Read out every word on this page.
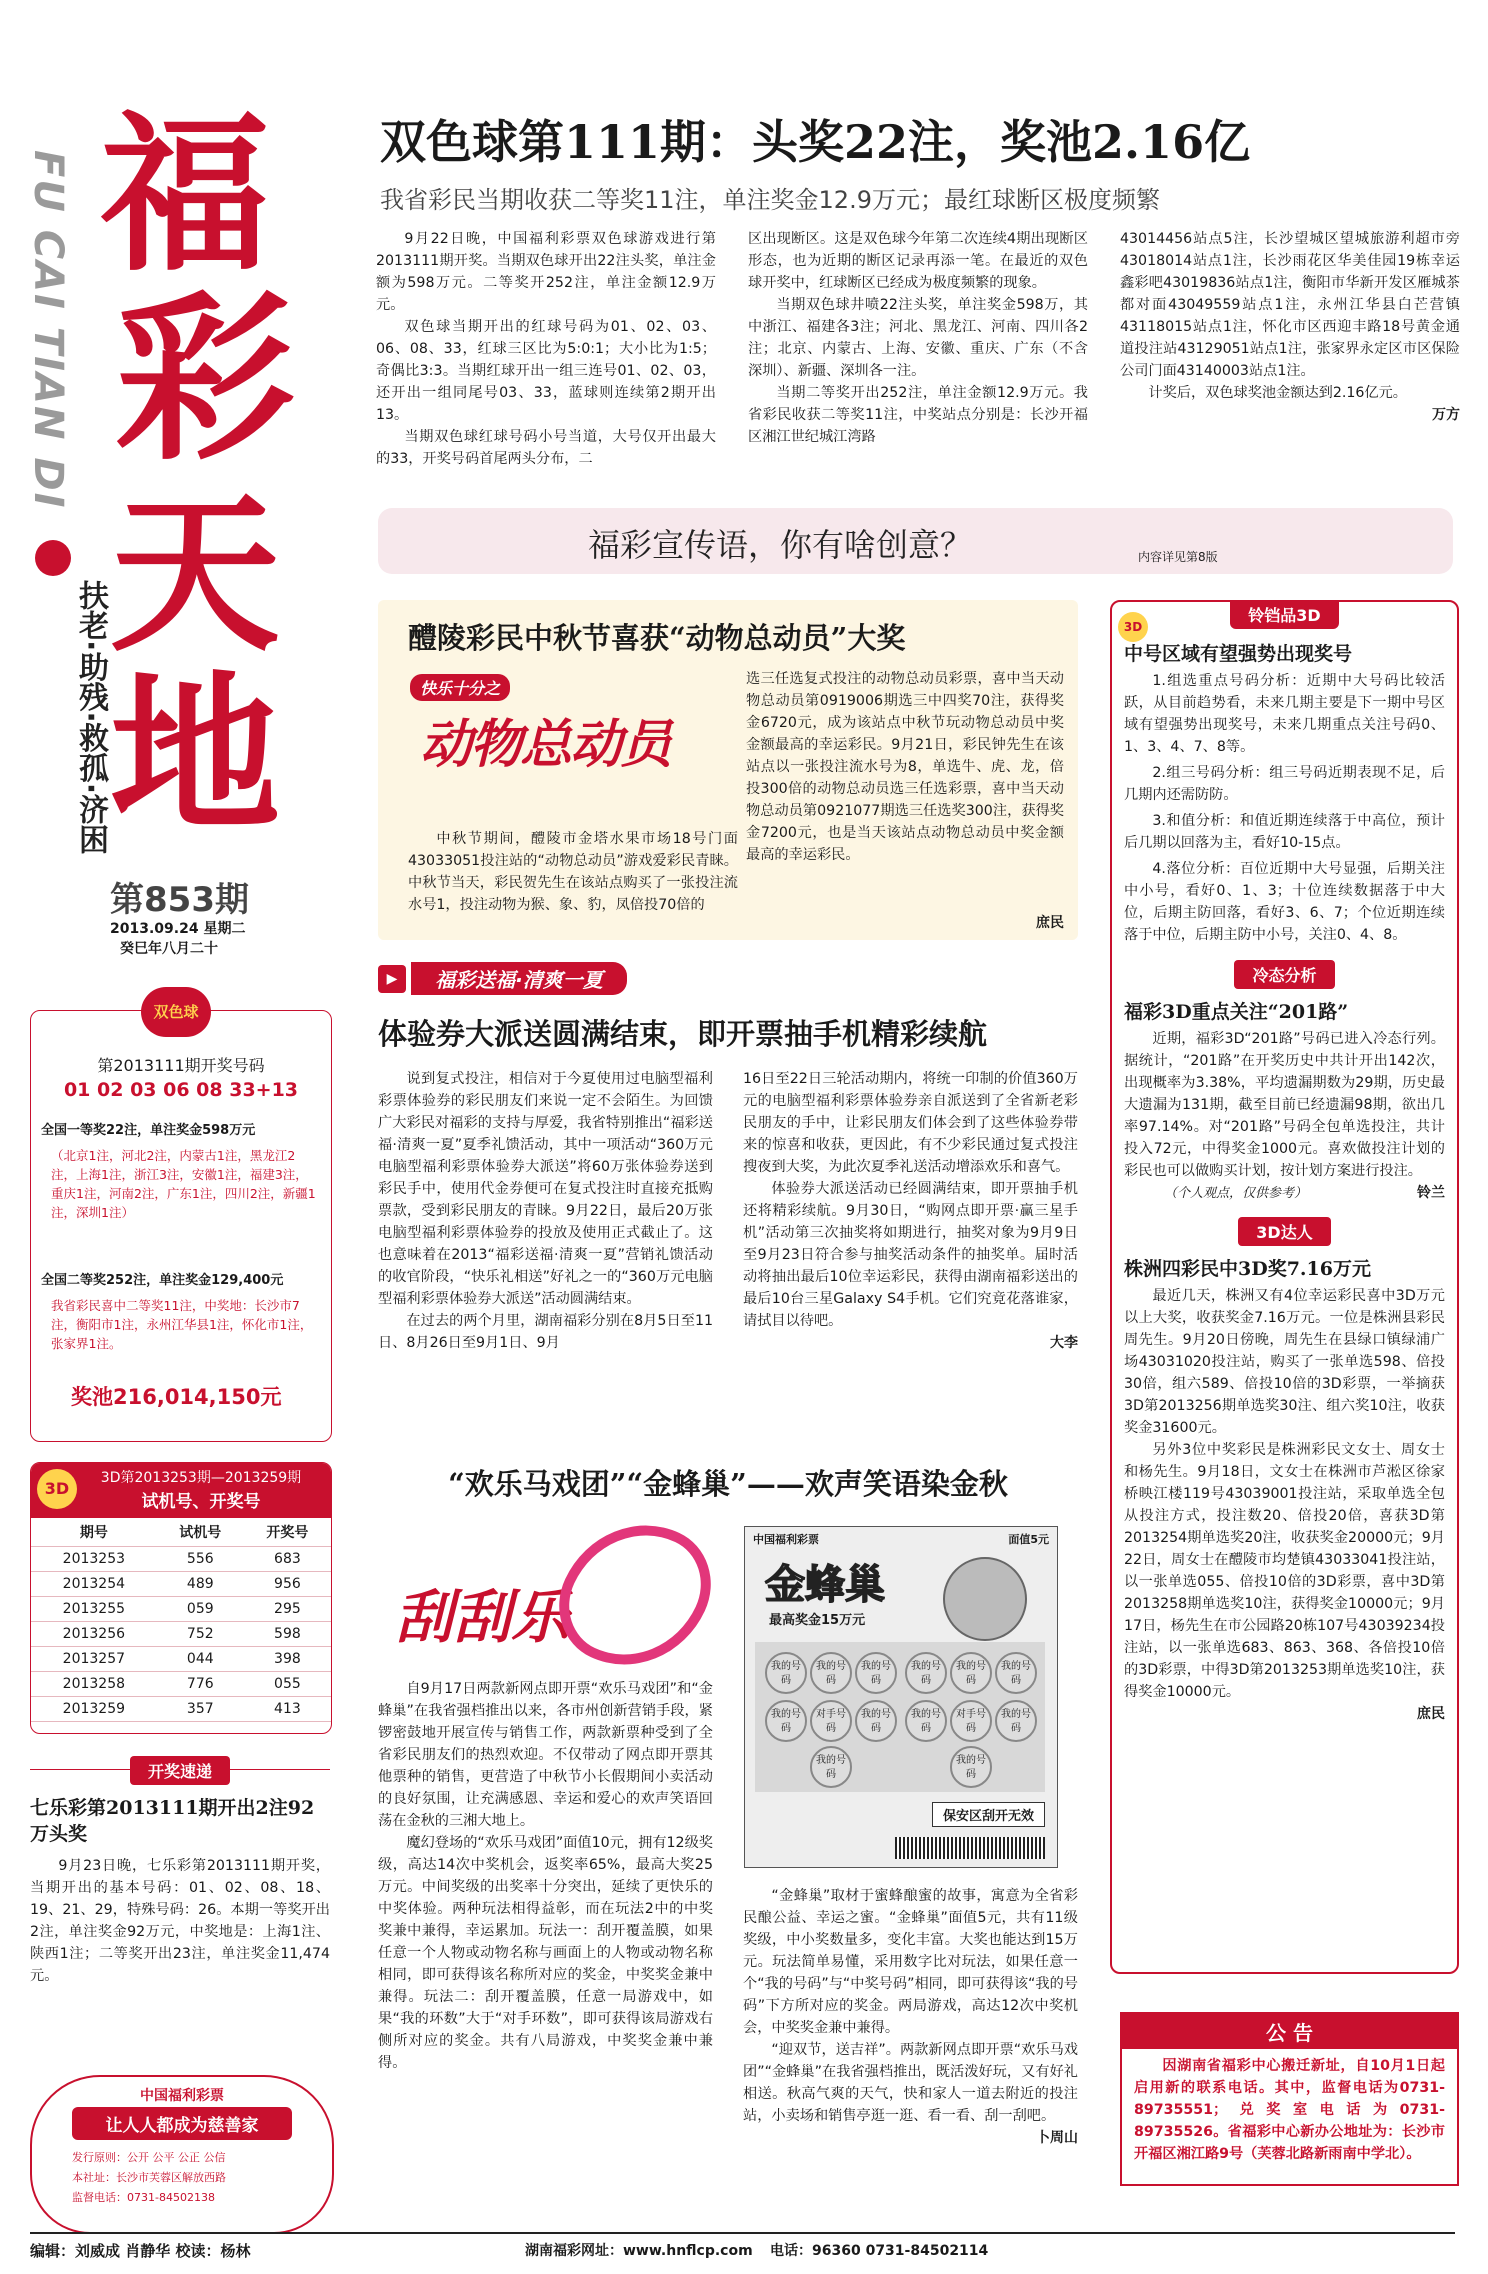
FU CAI TIAN DI 福
彩
天
地
扶老·助残·救孤·济困
第853期
2013.09.24 星期二
癸巳年八月二十
双色球
第2013111期开奖号码
01 02 03 06 08 33+13
全国一等奖22注，单注奖金598万元
（北京1注，河北2注，内蒙古1注，黑龙江2注，上海1注，浙江3注，安徽1注，福建3注，重庆1注，河南2注，广东1注，四川2注，新疆1注，深圳1注）
全国二等奖252注，单注奖金129,400元
我省彩民喜中二等奖11注，中奖地：长沙市7注，衡阳市1注，永州江华县1注，怀化市1注，张家界1注。
奖池216,014,150元
3D第2013253期—2013259期
试机号、开奖号
3D
期号	试机号	开奖号
2013253	556	683
2013254	489	956
2013255	059	295
2013256	752	598
2013257	044	398
2013258	776	055
2013259	357	413
开奖速递
七乐彩第2013111期开出2注92万头奖

9月23日晚，七乐彩第2013111期开奖，当期开出的基本号码：01、02、08、18、19、21、29，特殊号码：26。本期一等奖开出2注，单注奖金92万元，中奖地是：上海1注、陕西1注；二等奖开出23注，单注奖金11,474元。

中国福利彩票
让人人都成为慈善家
发行原则：公开 公平 公正 公信
本社址：长沙市芙蓉区解放西路
监督电话：0731-84502138
双色球第111期：头奖22注，奖池2.16亿
我省彩民当期收获二等奖11注，单注奖金12.9万元；最红球断区极度频繁

9月22日晚，中国福利彩票双色球游戏进行第2013111期开奖。当期双色球开出22注头奖，单注金额为598万元。二等奖开252注，单注金额12.9万元。

双色球当期开出的红球号码为01、02、03、06、08、33，红球三区比为5:0:1；大小比为1:5；奇偶比3:3。当期红球开出一组三连号01、02、03，还开出一组同尾号03、33，蓝球则连续第2期开出13。

当期双色球红球号码小号当道，大号仅开出最大的33，开奖号码首尾两头分布，二

区出现断区。这是双色球今年第二次连续4期出现断区形态，也为近期的断区记录再添一笔。在最近的双色球开奖中，红球断区已经成为极度频繁的现象。

当期双色球井喷22注头奖，单注奖金598万，其中浙江、福建各3注；河北、黑龙江、河南、四川各2注；北京、内蒙古、上海、安徽、重庆、广东（不含深圳）、新疆、深圳各一注。

当期二等奖开出252注，单注金额12.9万元。我省彩民收获二等奖11注，中奖站点分别是：长沙开福区湘江世纪城江湾路

43014456站点5注，长沙望城区望城旅游利超市旁43018014站点1注，长沙雨花区华美佳园19栋幸运鑫彩吧43019836站点1注，衡阳市华新开发区雁城茶都对面43049559站点1注，永州江华县白芒营镇43118015站点1注，怀化市区西迎丰路18号黄金通道投注站43129051站点1注，张家界永定区市区保险公司门面43140003站点1注。

计奖后，双色球奖池金额达到2.16亿元。

万方
福彩宣传语，你有啥创意？	内容详见第8版
醴陵彩民中秋节喜获“动物总动员”大奖
快乐十分之
动物总动员

中秋节期间，醴陵市金塔水果市场18号门面43033051投注站的“动物总动员”游戏爱彩民青睐。中秋节当天，彩民贺先生在该站点购买了一张投注流水号1，投注动物为猴、象、豹，凤倍投70倍的

选三任选复式投注的动物总动员彩票，喜中当天动物总动员第0919006期选三中四奖70注，获得奖金6720元，成为该站点中秋节玩动物总动员中奖金额最高的幸运彩民。9月21日，彩民钟先生在该站点以一张投注流水号为8，单选牛、虎、龙，倍投300倍的动物总动员选三任选彩票，喜中当天动物总动员第0921077期选三任选奖300注，获得奖金7200元，也是当天该站点动物总动员中奖金额最高的幸运彩民。

庶民
▶ 福彩送福·清爽一夏
体验券大派送圆满结束，即开票抽手机精彩续航

说到复式投注，相信对于今夏使用过电脑型福利彩票体验券的彩民朋友们来说一定不会陌生。为回馈广大彩民对福彩的支持与厚爱，我省特别推出“福彩送福·清爽一夏”夏季礼馈活动，其中一项活动“360万元电脑型福利彩票体验券大派送”将60万张体验券送到彩民手中，使用代金券便可在复式投注时直接充抵购票款，受到彩民朋友的青睐。9月22日，最后20万张电脑型福利彩票体验券的投放及使用正式截止了。这也意味着在2013“福彩送福·清爽一夏”营销礼馈活动的收官阶段，“快乐礼相送”好礼之一的“360万元电脑型福利彩票体验券大派送”活动圆满结束。

在过去的两个月里，湖南福彩分别在8月5日至11日、8月26日至9月1日、9月

16日至22日三轮活动期内，将统一印制的价值360万元的电脑型福利彩票体验券亲自派送到了全省新老彩民朋友的手中，让彩民朋友们体会到了这些体验券带来的惊喜和收获，更因此，有不少彩民通过复式投注搜夜到大奖，为此次夏季礼送活动增添欢乐和喜气。

体验券大派送活动已经圆满结束，即开票抽手机还将精彩续航。9月30日，“购网点即开票·赢三星手机”活动第三次抽奖将如期进行，抽奖对象为9月9日至9月23日符合参与抽奖活动条件的抽奖单。届时活动将抽出最后10位幸运彩民，获得由湖南福彩送出的最后10台三星Galaxy S4手机。它们究竟花落谁家，请拭目以待吧。

大李
“欢乐马戏团”“金蜂巢”——欢声笑语染金秋
刮刮乐
中国福利彩票	面值5元
金蜂巢
最高奖金15万元
我的号码
我的号码
我的号码
我的号码
对手号码
我的号码
我的号码
我的号码
我的号码
我的号码
我的号码
对手号码
我的号码
我的号码
保安区刮开无效

自9月17日两款新网点即开票“欢乐马戏团”和“金蜂巢”在我省强档推出以来，各市州创新营销手段，紧锣密鼓地开展宣传与销售工作，两款新票种受到了全省彩民朋友们的热烈欢迎。不仅带动了网点即开票其他票种的销售，更营造了中秋节小长假期间小卖活动的良好氛围，让充满感恩、幸运和爱心的欢声笑语回荡在金秋的三湘大地上。

魔幻登场的“欢乐马戏团”面值10元，拥有12级奖级，高达14次中奖机会，返奖率65%，最高大奖25万元。中间奖级的出奖率十分突出，延续了更快乐的中奖体验。两种玩法相得益彰，而在玩法2中的中奖奖兼中兼得，幸运累加。玩法一：刮开覆盖膜，如果任意一个人物或动物名称与画面上的人物或动物名称相同，即可获得该名称所对应的奖金，中奖奖金兼中兼得。玩法二：刮开覆盖膜，任意一局游戏中，如果“我的环数”大于“对手环数”，即可获得该局游戏右侧所对应的奖金。共有八局游戏，中奖奖金兼中兼得。

“金蜂巢”取材于蜜蜂酿蜜的故事，寓意为全省彩民酿公益、幸运之蜜。“金蜂巢”面值5元，共有11级奖级，中小奖数量多，变化丰富。大奖也能达到15万元。玩法简单易懂，采用数字比对玩法，如果任意一个“我的号码”与“中奖号码”相同，即可获得该“我的号码”下方所对应的奖金。两局游戏，高达12次中奖机会，中奖奖金兼中兼得。

“迎双节，送吉祥”。两款新网点即开票“欢乐马戏团”“金蜂巢”在我省强档推出，既活泼好玩，又有好礼相送。秋高气爽的天气，快和家人一道去附近的投注站，小卖场和销售亭逛一逛、看一看、刮一刮吧。

卜周山
铃铛品3D
3D
中号区域有望强势出现奖号

1.组选重点号码分析：近期中大号码比较活跃，从目前趋势看，未来几期主要是下一期中号区域有望强势出现奖号，未来几期重点关注号码0、1、3、4、7、8等。

2.组三号码分析：组三号码近期表现不足，后几期内还需防防。

3.和值分析：和值近期连续落于中高位，预计后几期以回落为主，看好10-15点。

4.落位分析：百位近期中大号显强，后期关注中小号，看好0、1、3；十位连续数据落于中大位，后期主防回落，看好3、6、7；个位近期连续落于中位，后期主防中小号，关注0、4、8。

冷态分析
福彩3D重点关注“201路”

近期，福彩3D“201路”号码已进入冷态行列。据统计，“201路”在开奖历史中共计开出142次，出现概率为3.38%，平均遗漏期数为29期，历史最大遗漏为131期，截至目前已经遗漏98期，欲出几率97.14%。对“201路”号码全包单选投注，共计投入72元，中得奖金1000元。喜欢做投注计划的彩民也可以做购买计划，按计划方案进行投注。

（个人观点，仅供参考）	铃兰
3D达人
株洲四彩民中3D奖7.16万元

最近几天，株洲又有4位幸运彩民喜中3D万元以上大奖，收获奖金7.16万元。一位是株洲县彩民周先生。9月20日傍晚，周先生在县绿口镇绿浦广场43031020投注站，购买了一张单选598、倍投30倍，组六589、倍投10倍的3D彩票，一举摘获3D第2013256期单选奖30注、组六奖10注，收获奖金31600元。

另外3位中奖彩民是株洲彩民文女士、周女士和杨先生。9月18日，文女士在株洲市芦淞区徐家桥映江楼119号43039001投注站，采取单选全包从投注方式，投注数20、倍投20倍，喜获3D第2013254期单选奖20注，收获奖金20000元；9月22日，周女士在醴陵市均楚镇43033041投注站，以一张单选055、倍投10倍的3D彩票，喜中3D第2013258期单选奖10注，获得奖金10000元；9月17日，杨先生在市公园路20栋107号43039234投注站，以一张单选683、863、368、各倍投10倍的3D彩票，中得3D第2013253期单选奖10注，获得奖金10000元。

庶民
公 告

因湖南省福彩中心搬迁新址，自10月1日起启用新的联系电话。其中，监督电话为0731-89735551；兑奖室电话为0731-89735526。省福彩中心新办公地址为：长沙市开福区湘江路9号（芙蓉北路新雨南中学北）。

编辑：刘威成 肖静华 校读：杨林	湖南福彩网址：www.hnflcp.com 电话：96360 0731-84502114
